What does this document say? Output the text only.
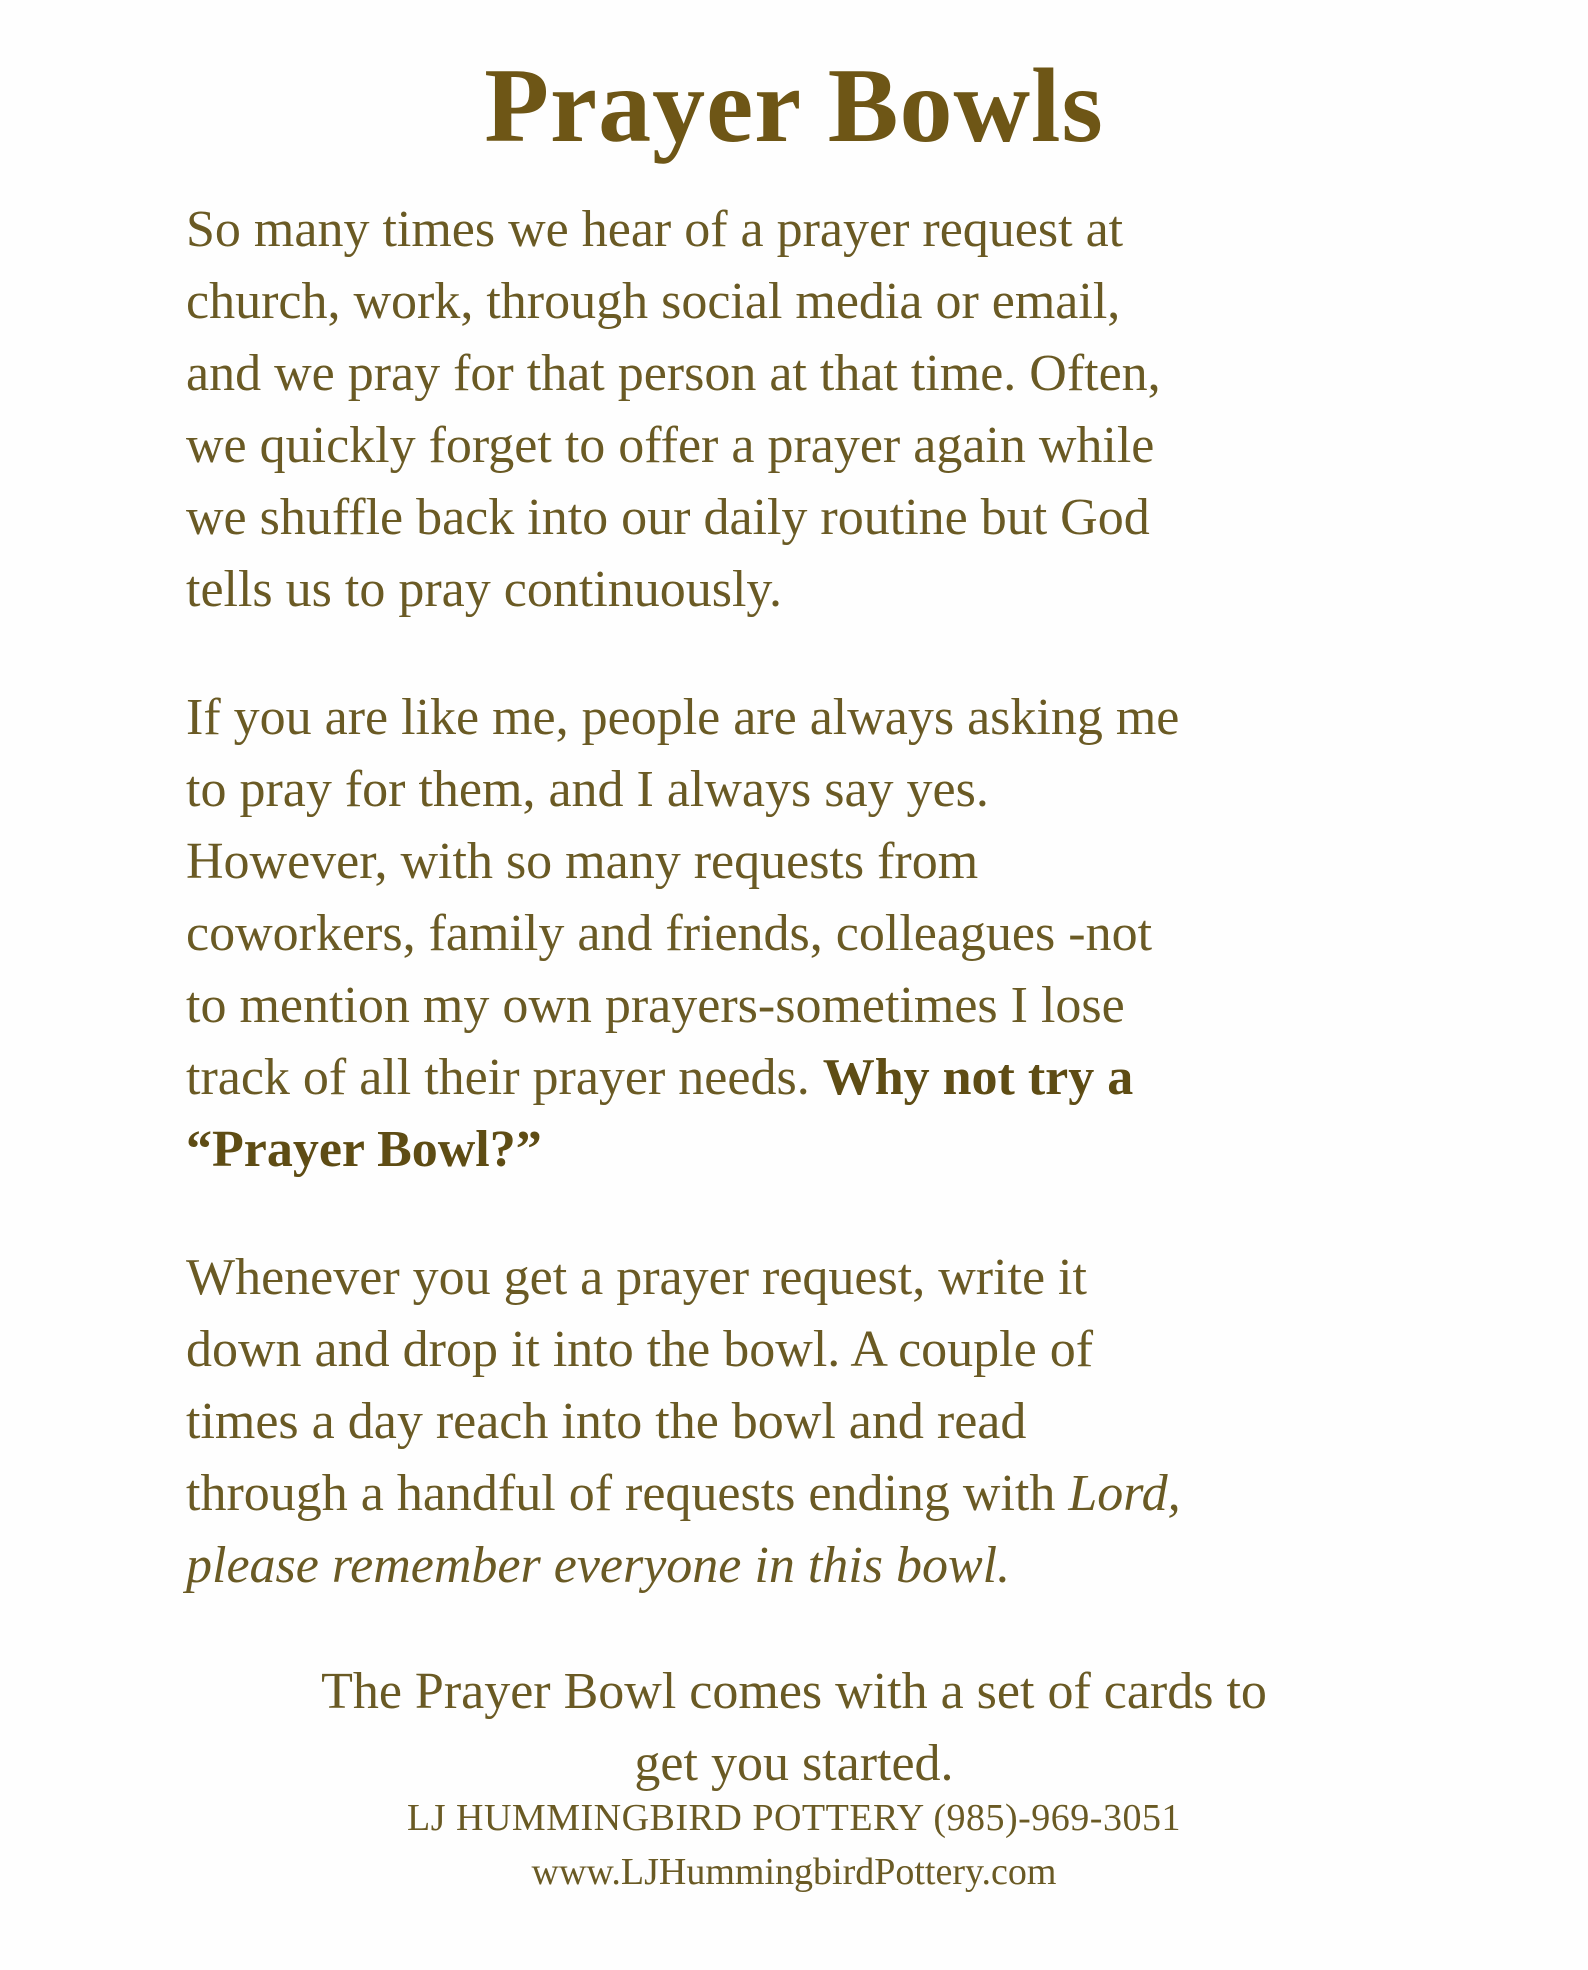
Prayer Bowls

So many times we hear of a prayer request at
church, work, through social media or email,
and we pray for that person at that time. Often,
we quickly forget to offer a prayer again while
we shuffle back into our daily routine but God
tells us to pray continuously.

If you are like me, people are always asking me
to pray for them, and I always say yes.
However, with so many requests from
coworkers, family and friends, colleagues -not
to mention my own prayers-sometimes I lose
track of all their prayer needs. Why not try a
“Prayer Bowl?”

Whenever you get a prayer request, write it
down and drop it into the bowl. A couple of
times a day reach into the bowl and read
through a handful of requests ending with Lord,
please remember everyone in this bowl.

The Prayer Bowl comes with a set of cards to
get you started.

LJ HUMMINGBIRD POTTERY (985)-969-3051
www.LJHummingbirdPottery.com
